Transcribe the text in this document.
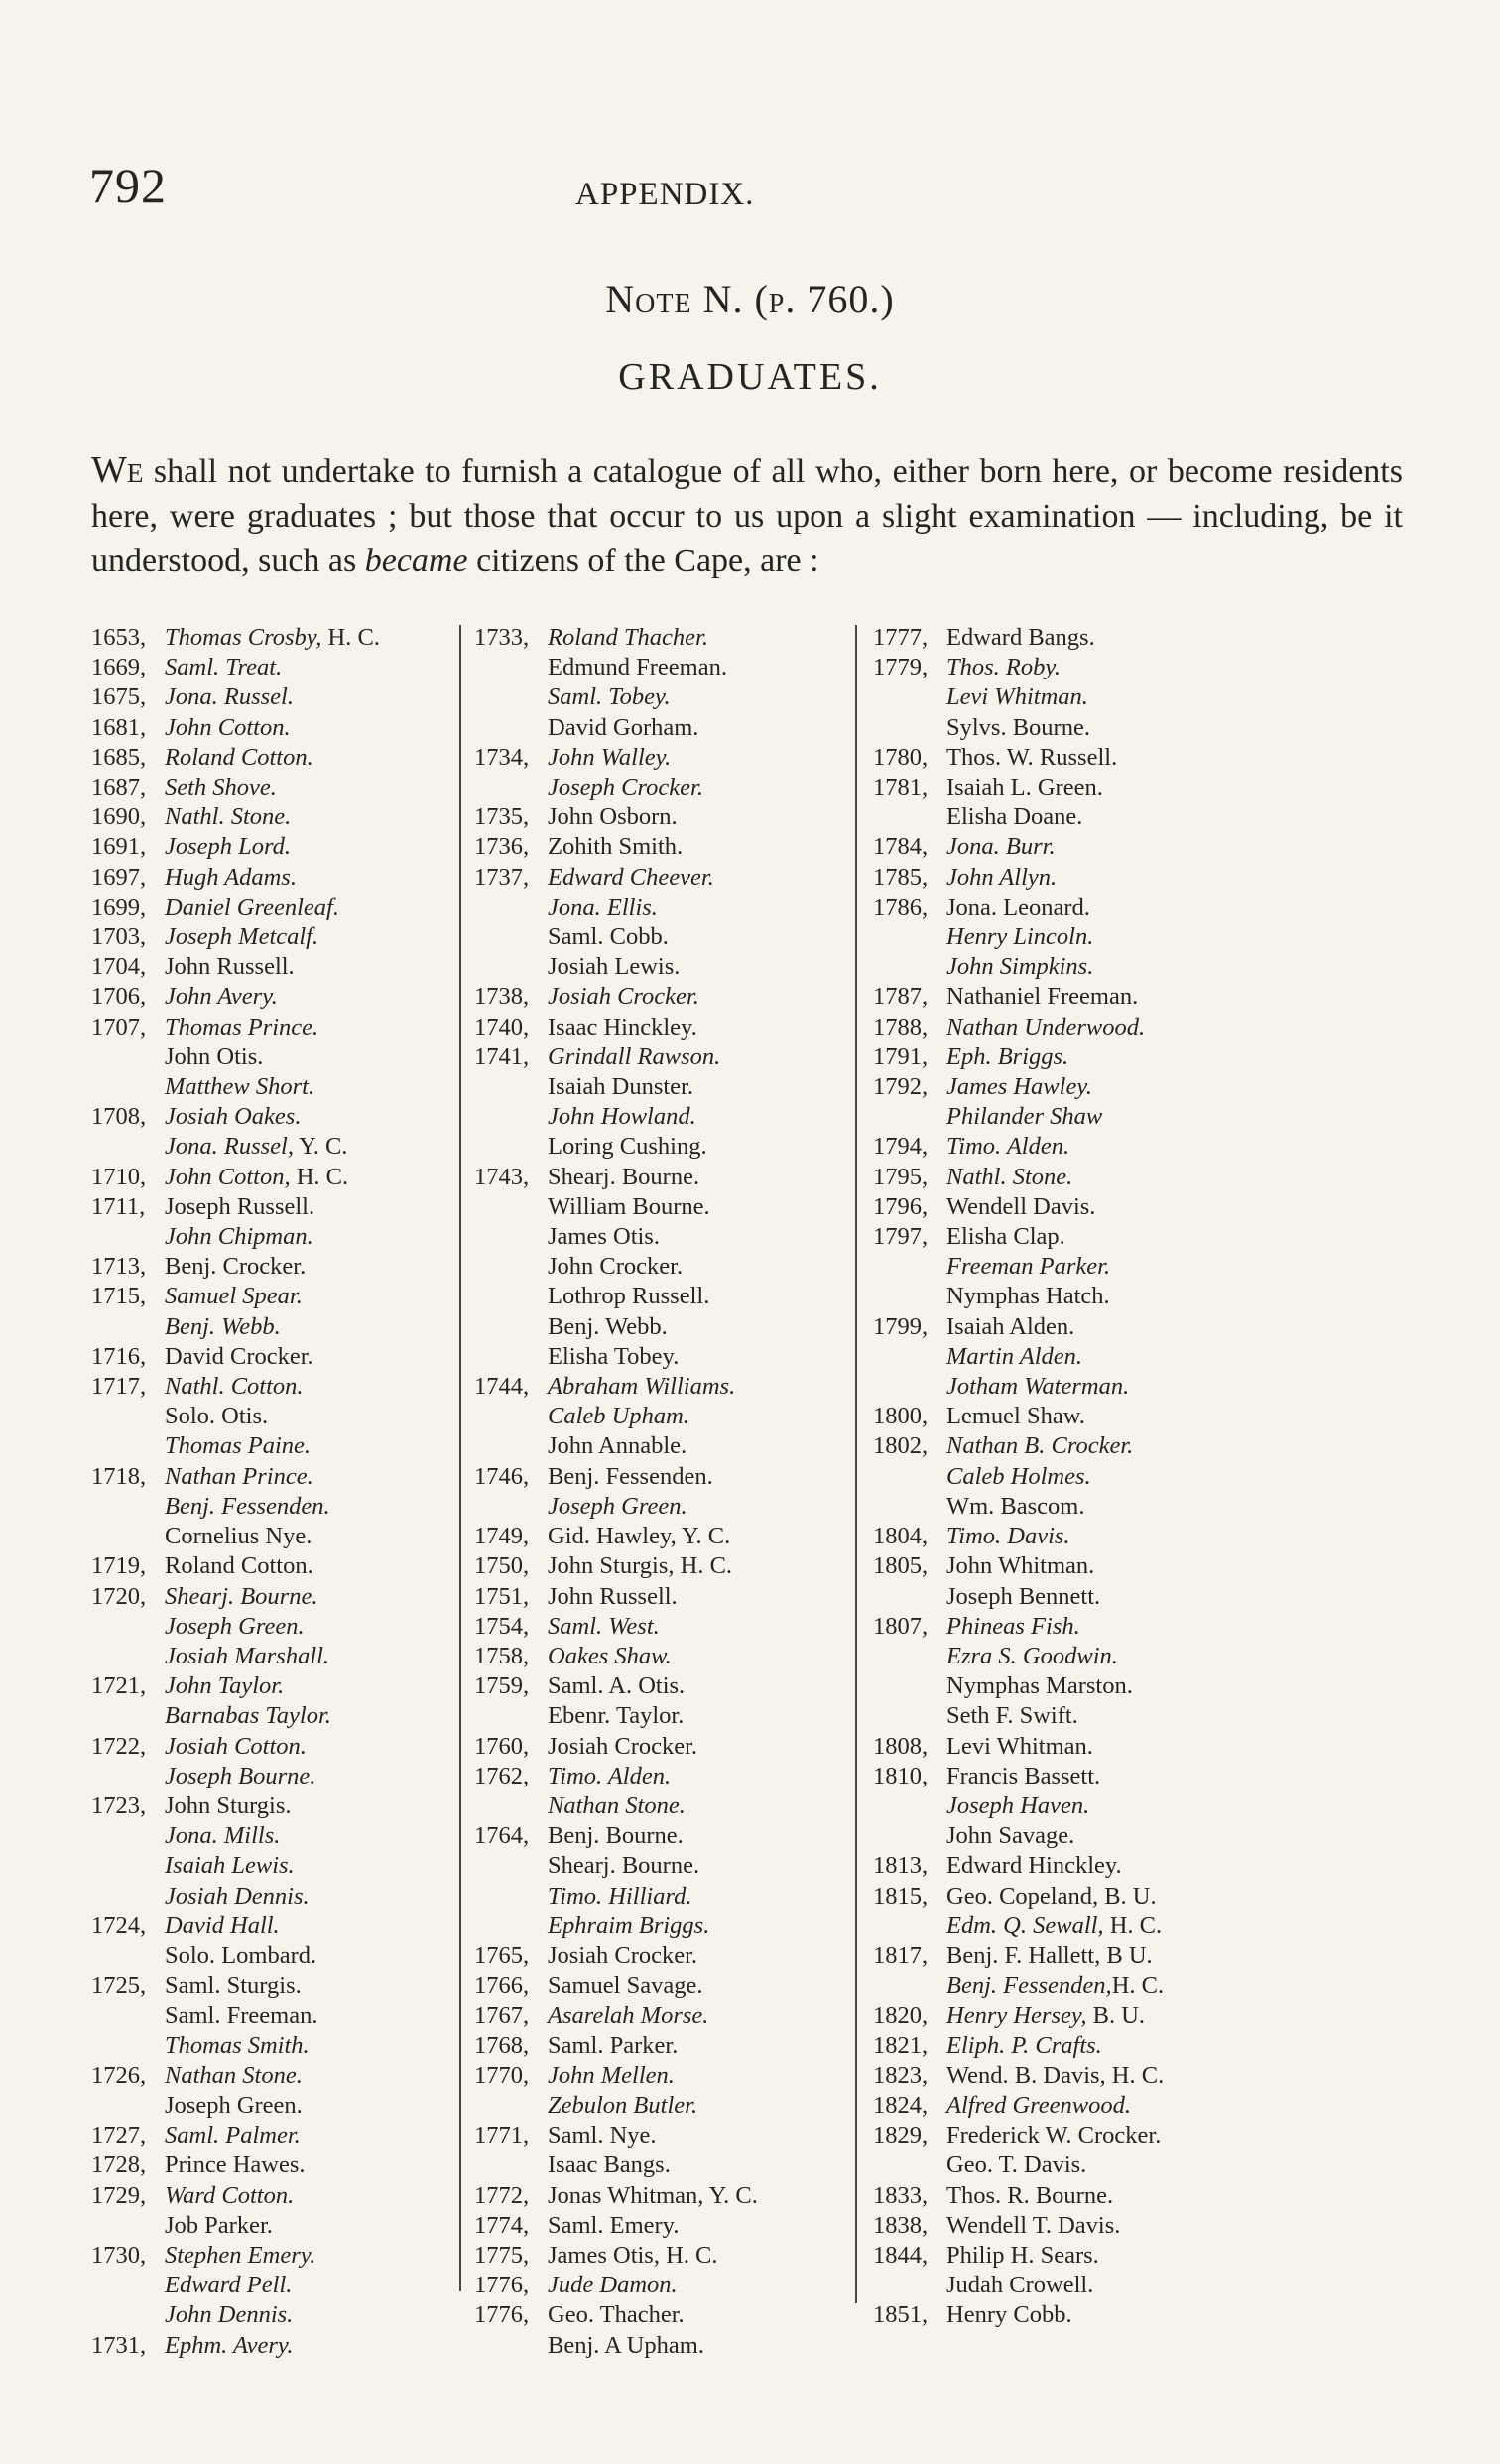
792	APPENDIX.
Note N. (p. 760.)
GRADUATES.

We shall not undertake to furnish a catalogue of all who, either born here, or become residents here, were graduates ; but those that occur to us upon a slight examination — including, be it understood, such as became citizens of the Cape, are :

1653, Thomas Crosby, H. C.
1669, Saml. Treat.
1675, Jona. Russel.
1681, John Cotton.
1685, Roland Cotton.
1687, Seth Shove.
1690, Nathl. Stone.
1691, Joseph Lord.
1697, Hugh Adams.
1699, Daniel Greenleaf.
1703, Joseph Metcalf.
1704, John Russell.
1706, John Avery.
1707, Thomas Prince.
John Otis.
Matthew Short.
1708, Josiah Oakes.
Jona. Russel, Y. C.
1710, John Cotton, H. C.
1711, Joseph Russell.
John Chipman.
1713, Benj. Crocker.
1715, Samuel Spear.
Benj. Webb.
1716, David Crocker.
1717, Nathl. Cotton.
Solo. Otis.
Thomas Paine.
1718, Nathan Prince.
Benj. Fessenden.
Cornelius Nye.
1719, Roland Cotton.
1720, Shearj. Bourne.
Joseph Green.
Josiah Marshall.
1721, John Taylor.
Barnabas Taylor.
1722, Josiah Cotton.
Joseph Bourne.
1723, John Sturgis.
Jona. Mills.
Isaiah Lewis.
Josiah Dennis.
1724, David Hall.
Solo. Lombard.
1725, Saml. Sturgis.
Saml. Freeman.
Thomas Smith.
1726, Nathan Stone.
Joseph Green.
1727, Saml. Palmer.
1728, Prince Hawes.
1729, Ward Cotton.
Job Parker.
1730, Stephen Emery.
Edward Pell.
John Dennis.
1731, Ephm. Avery.
1733, Roland Thacher.
Edmund Freeman.
Saml. Tobey.
David Gorham.
1734, John Walley.
Joseph Crocker.
1735, John Osborn.
1736, Zohith Smith.
1737, Edward Cheever.
Jona. Ellis.
Saml. Cobb.
Josiah Lewis.
1738, Josiah Crocker.
1740, Isaac Hinckley.
1741, Grindall Rawson.
Isaiah Dunster.
John Howland.
Loring Cushing.
1743, Shearj. Bourne.
William Bourne.
James Otis.
John Crocker.
Lothrop Russell.
Benj. Webb.
Elisha Tobey.
1744, Abraham Williams.
Caleb Upham.
John Annable.
1746, Benj. Fessenden.
Joseph Green.
1749, Gid. Hawley, Y. C.
1750, John Sturgis, H. C.
1751, John Russell.
1754, Saml. West.
1758, Oakes Shaw.
1759, Saml. A. Otis.
Ebenr. Taylor.
1760, Josiah Crocker.
1762, Timo. Alden.
Nathan Stone.
1764, Benj. Bourne.
Shearj. Bourne.
Timo. Hilliard.
Ephraim Briggs.
1765, Josiah Crocker.
1766, Samuel Savage.
1767, Asarelah Morse.
1768, Saml. Parker.
1770, John Mellen.
Zebulon Butler.
1771, Saml. Nye.
Isaac Bangs.
1772, Jonas Whitman, Y. C.
1774, Saml. Emery.
1775, James Otis, H. C.
1776, Jude Damon.
1776, Geo. Thacher.
Benj. A Upham.
1777, Edward Bangs.
1779, Thos. Roby.
Levi Whitman.
Sylvs. Bourne.
1780, Thos. W. Russell.
1781, Isaiah L. Green.
Elisha Doane.
1784, Jona. Burr.
1785, John Allyn.
1786, Jona. Leonard.
Henry Lincoln.
John Simpkins.
1787, Nathaniel Freeman.
1788, Nathan Underwood.
1791, Eph. Briggs.
1792, James Hawley.
Philander Shaw
1794, Timo. Alden.
1795, Nathl. Stone.
1796, Wendell Davis.
1797, Elisha Clap.
Freeman Parker.
Nymphas Hatch.
1799, Isaiah Alden.
Martin Alden.
Jotham Waterman.
1800, Lemuel Shaw.
1802, Nathan B. Crocker.
Caleb Holmes.
Wm. Bascom.
1804, Timo. Davis.
1805, John Whitman.
Joseph Bennett.
1807, Phineas Fish.
Ezra S. Goodwin.
Nymphas Marston.
Seth F. Swift.
1808, Levi Whitman.
1810, Francis Bassett.
Joseph Haven.
John Savage.
1813, Edward Hinckley.
1815, Geo. Copeland, B. U.
Edm. Q. Sewall, H. C.
1817, Benj. F. Hallett, B U.
Benj. Fessenden,H. C.
1820, Henry Hersey, B. U.
1821, Eliph. P. Crafts.
1823, Wend. B. Davis, H. C.
1824, Alfred Greenwood.
1829, Frederick W. Crocker.
Geo. T. Davis.
1833, Thos. R. Bourne.
1838, Wendell T. Davis.
1844, Philip H. Sears.
Judah Crowell.
1851, Henry Cobb.
